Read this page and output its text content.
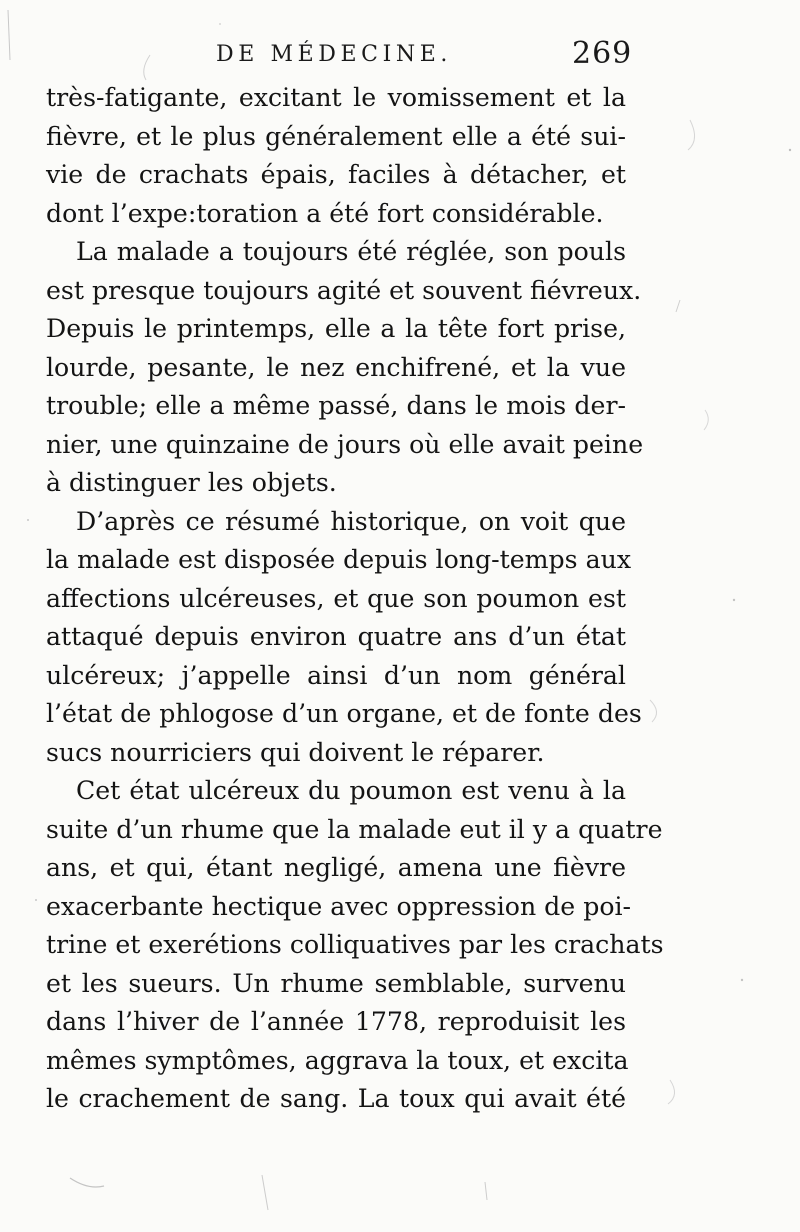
DE MÉDECINE.	269
très-fatigante, excitant le vomissement et la
fièvre, et le plus généralement elle a été sui-
vie de crachats épais, faciles à détacher, et
dont l’expe:toration a été fort considérable.
La malade a toujours été réglée, son pouls
est presque toujours agité et souvent fiévreux.
Depuis le printemps, elle a la tête fort prise,
lourde, pesante, le nez enchifrené, et la vue
trouble; elle a même passé, dans le mois der-
nier, une quinzaine de jours où elle avait peine
à distinguer les objets.
D’après ce résumé historique, on voit que
la malade est disposée depuis long-temps aux
affections ulcéreuses, et que son poumon est
attaqué depuis environ quatre ans d’un état
ulcéreux; j’appelle ainsi d’un nom général
l’état de phlogose d’un organe, et de fonte des
sucs nourriciers qui doivent le réparer.
Cet état ulcéreux du poumon est venu à la
suite d’un rhume que la malade eut il y a quatre
ans, et qui, étant negligé, amena une fièvre
exacerbante hectique avec oppression de poi-
trine et exerétions colliquatives par les crachats
et les sueurs. Un rhume semblable, survenu
dans l’hiver de l’année 1778, reproduisit les
mêmes symptômes, aggrava la toux, et excita
le crachement de sang. La toux qui avait été
